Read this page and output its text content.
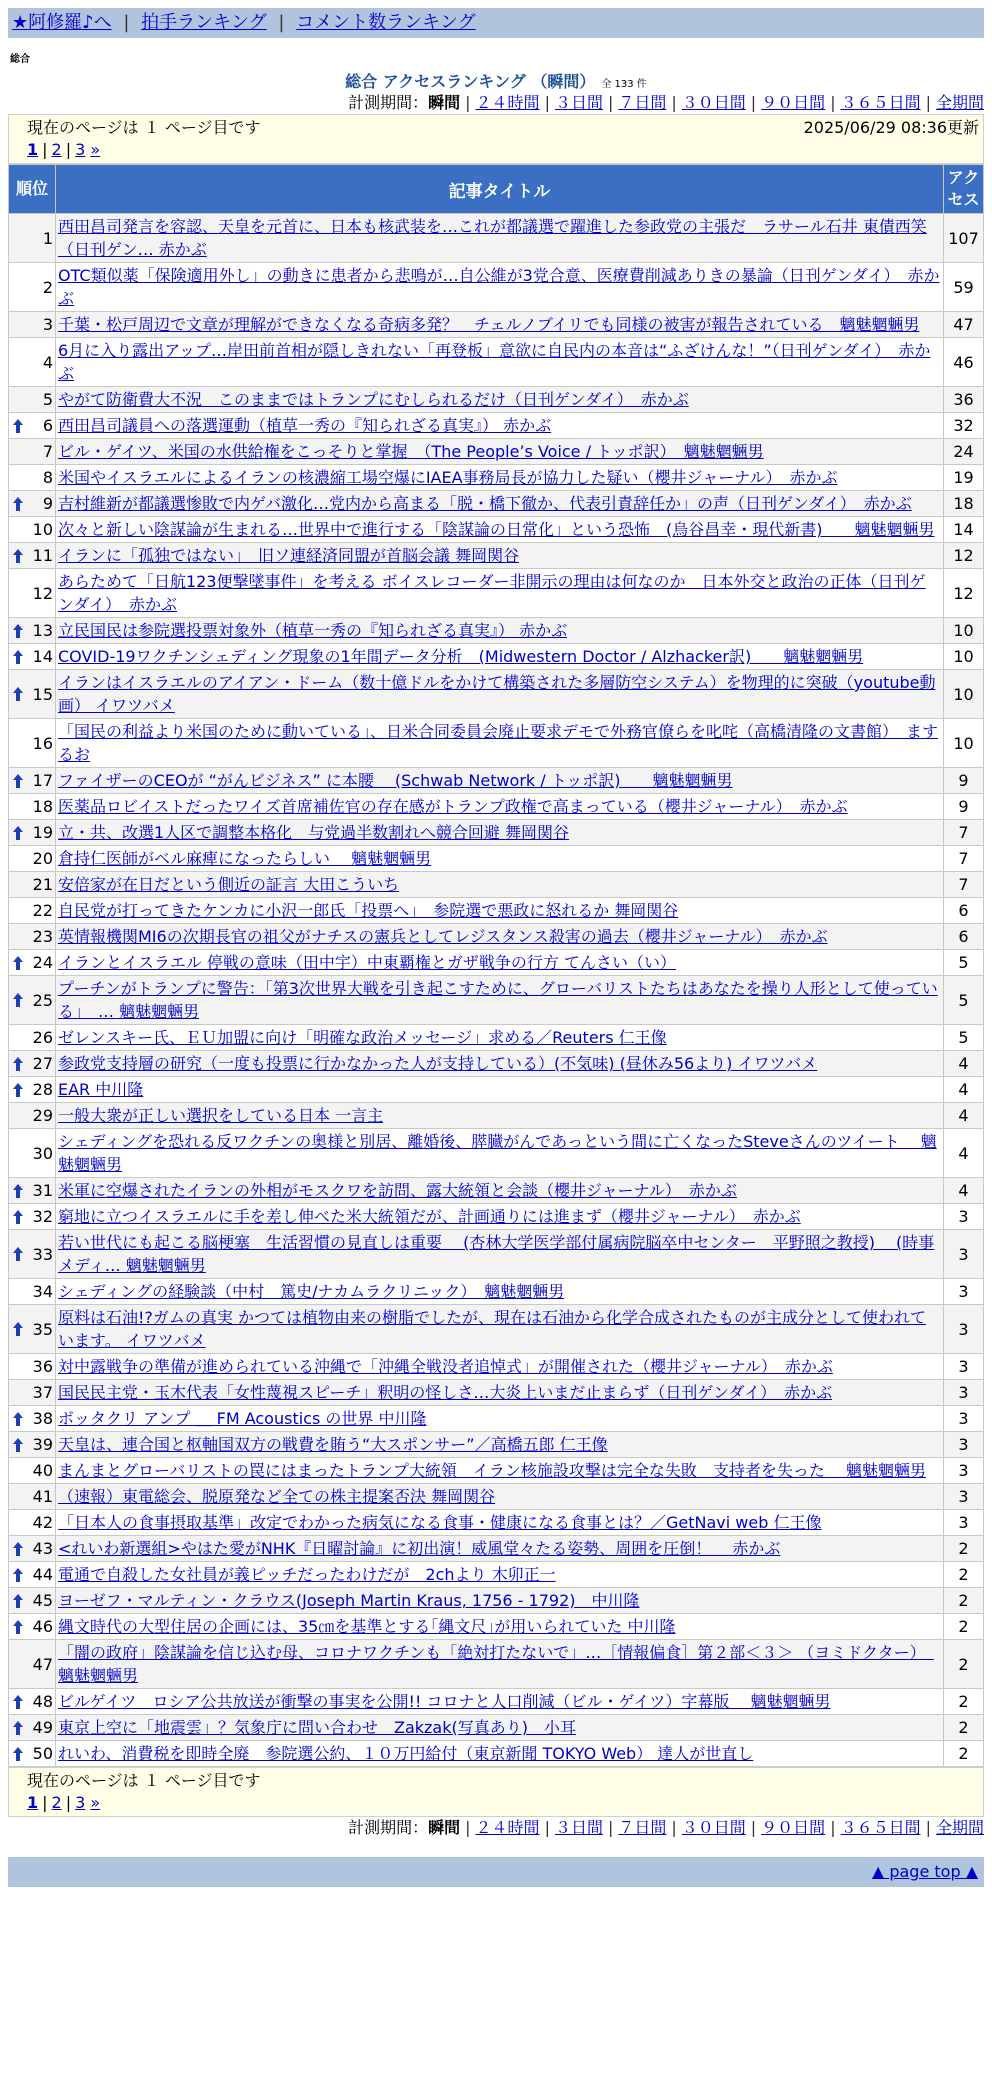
★阿修羅♪へ | 拍手ランキング | コメント数ランキング
総合
総合 アクセスランキング （瞬間） 全 133 件
計測期間：瞬間 | ２４時間 | ３日間 | ７日間 | ３０日間 | ９０日間 | ３６５日間 | 全期間
現在のページは １ ページ目です	2025/06/29 08:36更新
1 | 2 | 3 »
順位	記事タイトル	アクセス
1	西田昌司発言を容認、天皇を元首に、日本も核武装を…これが都議選で躍進した参政党の主張だ　ラサール石井 東債西笑（日刊ゲン… 赤かぶ	107
2	OTC類似薬「保険適用外し」の動きに患者から悲鳴が…自公維が3党合意、医療費削減ありきの暴論（日刊ゲンダイ）　赤かぶ	59
3	千葉・松戸周辺で文章が理解ができなくなる奇病多発？　チェルノブイリでも同様の被害が報告されている　魑魅魍魎男	47
4	6月に入り露出アップ…岸田前首相が隠しきれない「再登板」意欲に自民内の本音は“ふざけんな！”（日刊ゲンダイ）　赤かぶ	46
5	やがて防衛費大不況　このままではトランプにむしられるだけ（日刊ゲンダイ）　赤かぶ	36

6	西田昌司議員への落選運動（植草一秀の『知られざる真実』） 赤かぶ	32
7	ビル・ゲイツ、米国の水供給権をこっそりと掌握　（The People’s Voice / トッポ訳）　魑魅魍魎男	24
8	米国やイスラエルによるイランの核濃縮工場空爆にIAEA事務局長が協力した疑い（櫻井ジャーナル）　赤かぶ	19

9	吉村維新が都議選惨敗で内ゲバ激化…党内から高まる「脱・橋下徹か、代表引責辞任か」の声（日刊ゲンダイ）　赤かぶ	18
10	次々と新しい陰謀論が生まれる…世界中で進行する「陰謀論の日常化」という恐怖　(烏谷昌幸・現代新書)　　魑魅魍魎男	14

11	イランに「孤独ではない」　旧ソ連経済同盟が首脳会議 舞岡関谷	12
12	あらためて「日航123便撃墜事件」を考える ボイスレコーダー非開示の理由は何なのか　日本外交と政治の正体（日刊ゲンダイ）　赤かぶ	12

13	立民国民は参院選投票対象外（植草一秀の『知られざる真実』） 赤かぶ	10

14	COVID-19ワクチンシェディング現象の1年間データ分析　(Midwestern Doctor / Alzhacker訳)　　魑魅魍魎男	10

15	イランはイスラエルのアイアン・ドーム（数十億ドルをかけて構築された多層防空システム）を物理的に突破（youtube動画） イワツバメ	10
16	「国民の利益より米国のために動いている」、日米合同委員会廃止要求デモで外務官僚らを叱咤（高橋清隆の文書館）　まするお	10

17	ファイザーのCEOが “がんビジネス” に本腰　 (Schwab Network / トッポ訳)　　魑魅魍魎男	9
18	医薬品ロビイストだったワイズ首席補佐官の存在感がトランプ政権で高まっている（櫻井ジャーナル）　赤かぶ	9

19	立・共、改選1人区で調整本格化　与党過半数割れへ競合回避 舞岡関谷	7
20	倉持仁医師がベル麻痺になったらしい　 魑魅魍魎男	7
21	安倍家が在日だという側近の証言 大田こういち	7
22	自民党が打ってきたケンカに小沢一郎氏「投票へ」　参院選で悪政に怒れるか 舞岡関谷	6
23	英情報機関MI6の次期長官の祖父がナチスの憲兵としてレジスタンス殺害の過去（櫻井ジャーナル）　赤かぶ	6

24	イランとイスラエル 停戦の意味（田中宇）中東覇権とガザ戦争の行方 てんさい（い）	5

25	プーチンがトランプに警告：「第3次世界大戦を引き起こすために、グローバリストたちはあなたを操り人形として使っている」　… 魑魅魍魎男	5
26	ゼレンスキー氏、ＥＵ加盟に向け「明確な政治メッセージ」求める／Reuters 仁王像	5

27	参政党支持層の研究（一度も投票に行かなかった人が支持している）(不気味) (昼休み56より) イワツバメ	4

28	EAR 中川隆	4
29	一般大衆が正しい選択をしている日本 一言主	4
30	シェディングを恐れる反ワクチンの奥様と別居、離婚後、膵臓がんであっという間に亡くなったSteveさんのツイート　 魑魅魍魎男	4

31	米軍に空爆されたイランの外相がモスクワを訪問、露大統領と会談（櫻井ジャーナル）　赤かぶ	4

32	窮地に立つイスラエルに手を差し伸べた米大統領だが、計画通りには進まず（櫻井ジャーナル）　赤かぶ	3

33	若い世代にも起こる脳梗塞　生活習慣の見直しは重要　 (杏林大学医学部付属病院脳卒中センター　平野照之教授)　 (時事メディ… 魑魅魍魎男	3
34	シェディングの経験談（中村　篤史/ナカムラクリニック）　魑魅魍魎男	3

35	原料は石油!?ガムの真実 かつては植物由来の樹脂でしたが、現在は石油から化学合成されたものが主成分として使われています。 イワツバメ	3
36	対中露戦争の準備が進められている沖縄で「沖縄全戦没者追悼式」が開催された（櫻井ジャーナル）　赤かぶ	3
37	国民民主党・玉木代表「女性蔑視スピーチ」釈明の怪しさ…大炎上いまだ止まらず（日刊ゲンダイ）　赤かぶ	3

38	ボッタクリ アンプ ＿ FM Acoustics の世界 中川隆	3

39	天皇は、連合国と枢軸国双方の戦費を賄う“大スポンサー”／高橋五郎 仁王像	3
40	まんまとグローバリストの罠にはまったトランプ大統領　イラン核施設攻撃は完全な失敗　支持者を失った　 魑魅魍魎男	3
41	（速報）東電総会、脱原発など全ての株主提案否決 舞岡関谷	3
42	「日本人の食事摂取基準」改定でわかった病気になる食事・健康になる食事とは？／GetNavi web 仁王像	3

43	<れいわ新選組>やはた愛がNHK『日曜討論』に初出演！威風堂々たる姿勢、周囲を圧倒！　 赤かぶ	2

44	電通で自殺した女社員が義ピッチだったわけだが　2chより 木卯正一	2

45	ヨーゼフ・マルティン・クラウス(Joseph Martin Kraus, 1756 - 1792)　中川隆	2

46	縄文時代の大型住居の企画には、35㎝を基準とする｢縄文尺｣が用いられていた 中川隆	2
47	「闇の政府」陰謀論を信じ込む母、コロナワクチンも「絶対打たないで」…［情報偏食］第２部＜３＞ （ヨミドクター）　魑魅魍魎男	2

48	ビルゲイツ　ロシア公共放送が衝撃の事実を公開!! コロナと人口削減（ビル・ゲイツ）字幕版　 魑魅魍魎男	2

49	東京上空に「地震雲」？気象庁に問い合わせ　Zakzak(写真あり)　小耳	2

50	れいわ、消費税を即時全廃　参院選公約、１０万円給付（東京新聞 TOKYO Web） 達人が世直し	2
現在のページは １ ページ目です
1 | 2 | 3 »
計測期間：瞬間 | ２４時間 | ３日間 | ７日間 | ３０日間 | ９０日間 | ３６５日間 | 全期間
▲ page top ▲
